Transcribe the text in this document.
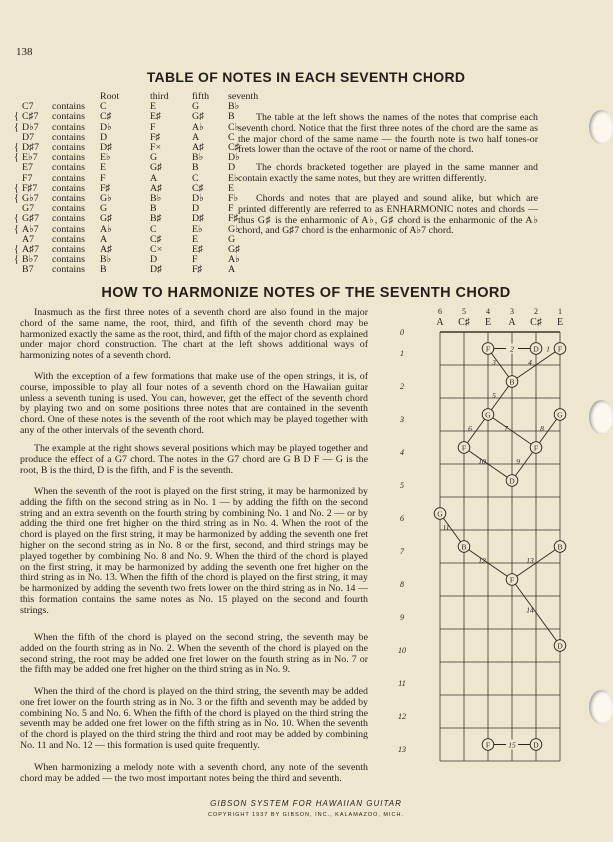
138
TABLE OF NOTES IN EACH SEVENTH CHORD
			Root	third	fifth	seventh
	C7	contains	C	E	G	B♭
{	C♯7	contains	C♯	E♯	G♯	B
{	D♭7	contains	D♭	F	A♭	C♭
	D7	contains	D	F♯	A	C
{	D♯7	contains	D♯	F×	A♯	C♯
{	E♭7	contains	E♭	G	B♭	D♭
	E7	contains	E	G♯	B	D
	F7	contains	F	A	C	E♭
{	F♯7	contains	F♯	A♯	C♯	E
{	G♭7	contains	G♭	B♭	D♭	F♭
	G7	contains	G	B	D	F
{	G♯7	contains	G♯	B♯	D♯	F♯
{	A♭7	contains	A♭	C	E♭	G♭
	A7	contains	A	C♯	E	G
{	A♯7	contains	A♯	C×	E♯	G♯
{	B♭7	contains	B♭	D	F	A♭
	B7	contains	B	D♯	F♯	A

The table at the left shows the names of the notes that comprise each seventh chord. Notice that the first three notes of the chord are the same as the major chord of the same name — the fourth note is two half tones-or frets lower than the octave of the root or name of the chord.

The chords bracketed together are played in the same manner and contain exactly the same notes, but they are written differently.

Chords and notes that are played and sound alike, but which are printed differently are referred to as ENHARMONIC notes and chords — thus G♯ is the enharmonic of A♭, G♯ chord is the enharmonic of the A♭ chord, and G♯7 chord is the enharmonic of A♭7 chord.

HOW TO HARMONIZE NOTES OF THE SEVENTH CHORD

Inasmuch as the first three notes of a seventh chord are also found in the major chord of the same name, the root, third, and fifth of the seventh chord may be harmonized exactly the same as the root, third, and fifth of the major chord as explained under major chord construction. The chart at the left shows additional ways of harmonizing notes of a seventh chord.

With the exception of a few formations that make use of the open strings, it is, of course, impossible to play all four notes of a seventh chord on the Hawaiian guitar unless a seventh tuning is used. You can, however, get the effect of the seventh chord by playing two and on some positions three notes that are contained in the seventh chord. One of these notes is the seventh of the root which may be played together with any of the other intervals of the seventh chord.

The example at the right shows several positions which may be played together and produce the effect of a G7 chord. The notes in the G7 chord are G B D F — G is the root, B is the third, D is the fifth, and F is the seventh.

When the seventh of the root is played on the first string, it may be harmonized by adding the fifth on the second string as in No. 1 — by adding the fifth on the second string and an extra seventh on the fourth string by combining No. 1 and No. 2 — or by adding the third one fret higher on the third string as in No. 4. When the root of the chord is played on the first string, it may be harmonized by adding the seventh one fret higher on the second string as in No. 8 or the first, second, and third strings may be played together by combining No. 8 and No. 9. When the third of the chord is played on the first string, it may be harmonized by adding the seventh one fret higher on the third string as in No. 13. When the fifth of the chord is played on the first string, it may be harmonized by adding the seventh two frets lower on the third string as in No. 14 — this formation contains the same notes as No. 15 played on the second and fourth strings.

When the fifth of the chord is played on the second string, the seventh may be added on the fourth string as in No. 2. When the seventh of the chord is played on the second string, the root may be added one fret lower on the fourth string as in No. 7 or the fifth may be added one fret higher on the third string as in No. 9.

When the third of the chord is played on the third string, the seventh may be added one fret lower on the fourth string as in No. 3 or the fifth and seventh may be added by combining No. 5 and No. 6. When the fifth of the chord is played on the third string the seventh may be added one fret lower on the fifth string as in No. 10. When the seventh of the chord is played on the third string the third and root may be added by combining No. 11 and No. 12 — this formation is used quite frequently.

When harmonizing a melody note with a seventh chord, any note of the seventh chord may be added — the two most important notes being the third and seventh.

6
A
5
C♯
4
E
3
A
2
C♯
1
E
0
1
2
3
4
5
6
7
8
9
10
11
12
13
2	1
3	4
5
6	7	8
10	9
11
12	13
14
15
F	D	F
B
G	G
F	F
D
G
B	B
F
D
F	D
GIBSON SYSTEM FOR HAWAIIAN GUITAR
COPYRIGHT 1937 BY GIBSON, INC., KALAMAZOO, MICH.
